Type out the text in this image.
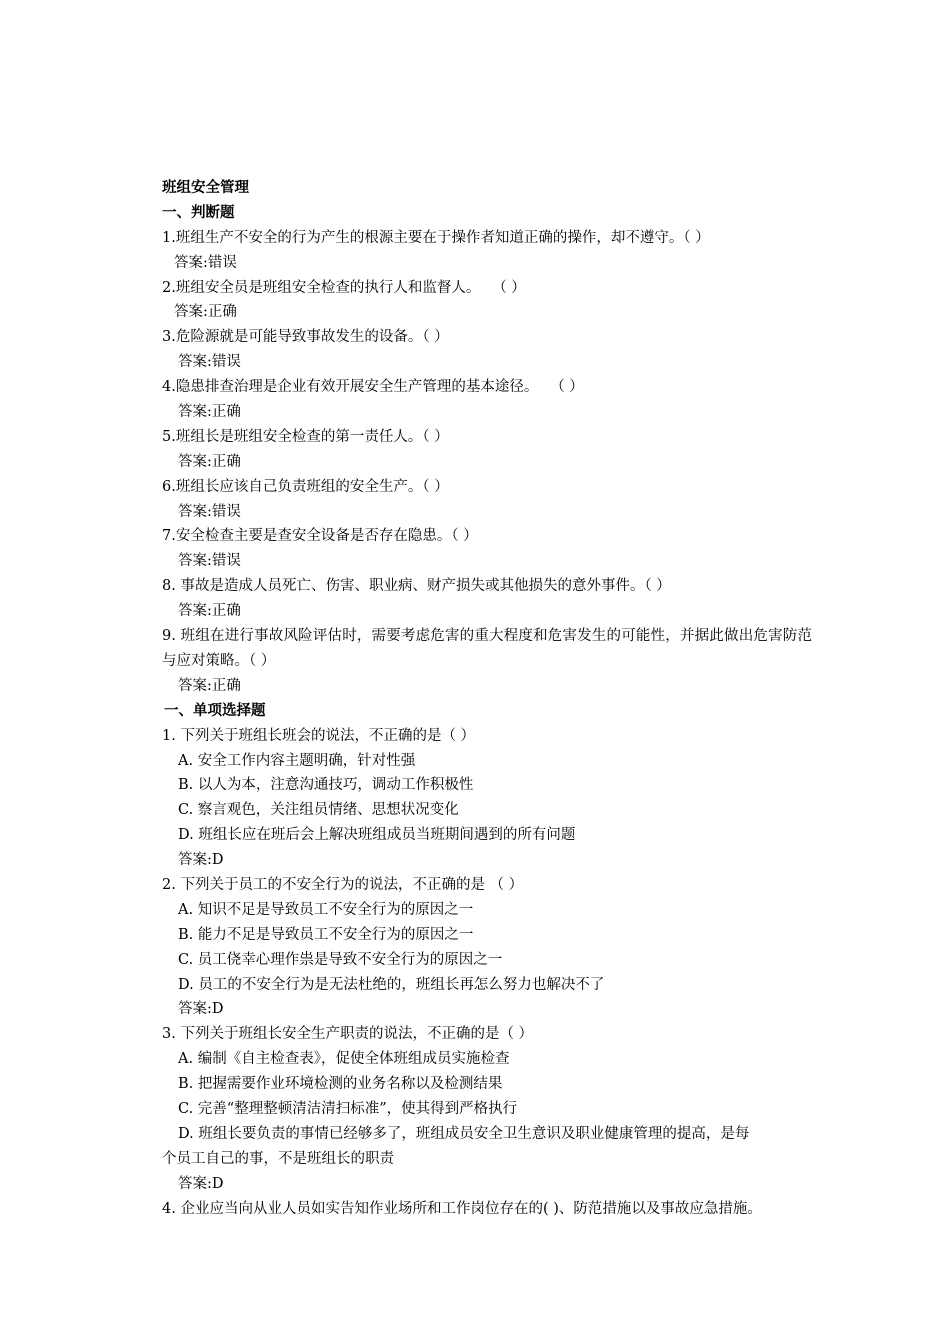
班组安全管理
一、判断题
1.班组生产不安全的行为产生的根源主要在于操作者知道正确的操作，却不遵守。（ ）
答案:错误
2.班组安全员是班组安全检查的执行人和监督人。　 （ ）
答案:正确
3.危险源就是可能导致事故发生的设备。（ ）
答案:错误
4.隐患排查治理是企业有效开展安全生产管理的基本途径。　 （ ）
答案:正确
5.班组长是班组安全检查的第一责任人。（ ）
答案:正确
6.班组长应该自己负责班组的安全生产。（ ）
答案:错误
7.安全检查主要是查安全设备是否存在隐患。（ ）
答案:错误
8. 事故是造成人员死亡、伤害、职业病、财产损失或其他损失的意外事件。（ ）
答案:正确
9. 班组在进行事故风险评估时，需要考虑危害的重大程度和危害发生的可能性，并据此做出危害防范与应对策略。（ ）
答案:正确
一、单项选择题
1. 下列关于班组长班会的说法，不正确的是（ ）
A. 安全工作内容主题明确，针对性强
B. 以人为本，注意沟通技巧，调动工作积极性
C. 察言观色，关注组员情绪、思想状况变化
D. 班组长应在班后会上解决班组成员当班期间遇到的所有问题
答案:D
2. 下列关于员工的不安全行为的说法，不正确的是 （ ）
A. 知识不足是导致员工不安全行为的原因之一
B. 能力不足是导致员工不安全行为的原因之一
C. 员工侥幸心理作祟是导致不安全行为的原因之一
D. 员工的不安全行为是无法杜绝的，班组长再怎么努力也解决不了
答案:D
3. 下列关于班组长安全生产职责的说法，不正确的是（ ）
A. 编制《自主检查表》，促使全体班组成员实施检查
B. 把握需要作业环境检测的业务名称以及检测结果
C. 完善“整理整顿清洁清扫标准”，使其得到严格执行
D. 班组长要负责的事情已经够多了，班组成员安全卫生意识及职业健康管理的提高，是每
个员工自己的事，不是班组长的职责
答案:D
4. 企业应当向从业人员如实告知作业场所和工作岗位存在的( )、防范措施以及事故应急措施。
